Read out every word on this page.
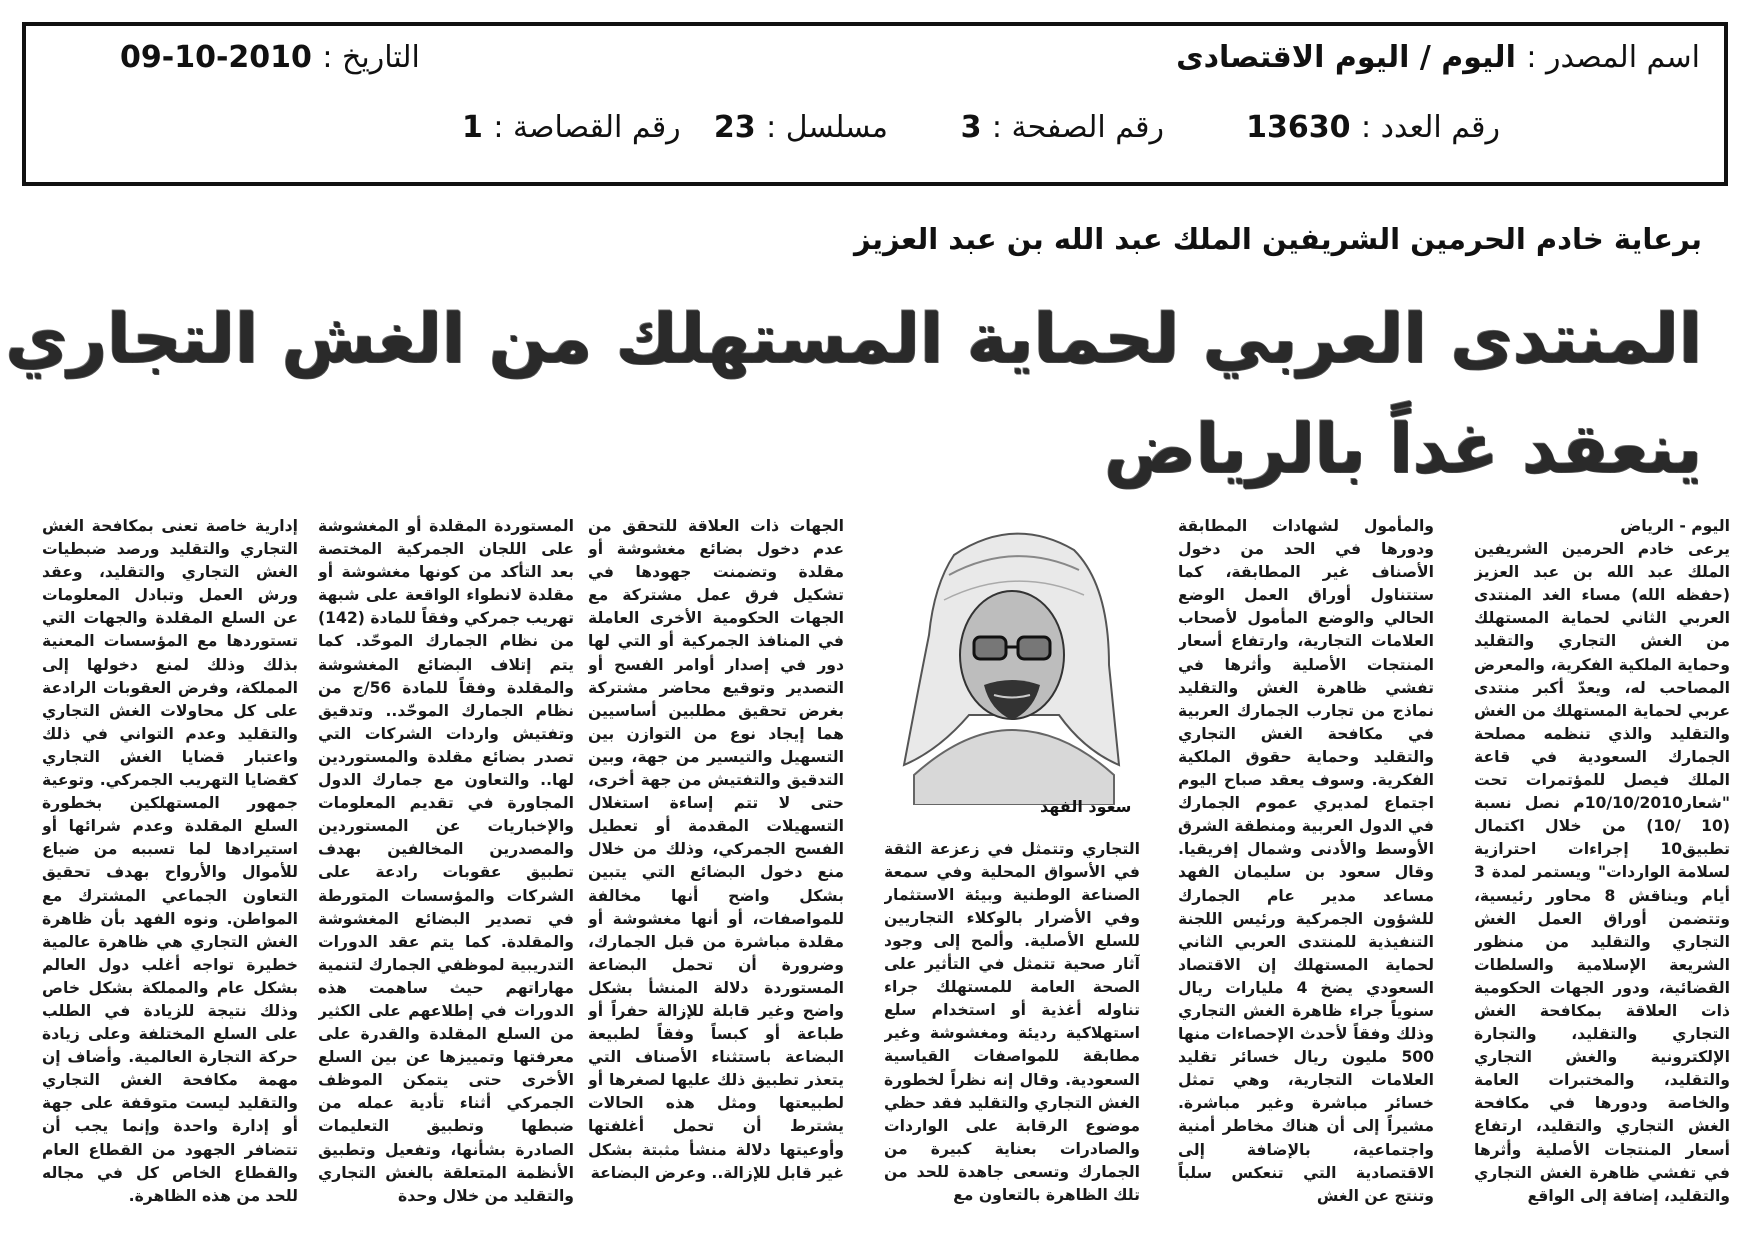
اسم المصدر : اليوم / اليوم الاقتصادى
التاريخ : 2010-10-09
رقم العدد : 13630
رقم الصفحة : 3
مسلسل : 23
رقم القصاصة : 1
برعاية خادم الحرمين الشريفين الملك عبد الله بن عبد العزيز
المنتدى العربي لحماية المستهلك من الغش التجاري
ينعقد غداً بالرياض

اليوم - الرياض

يرعى خادم الحرمين الشريفين الملك عبد الله بن عبد العزيز (حفظه الله) مساء الغد المنتدى العربي الثاني لحماية المستهلك من الغش التجاري والتقليد وحماية الملكية الفكرية، والمعرض المصاحب له، ويعدّ أكبر منتدى عربي لحماية المستهلك من الغش والتقليد والذي تنظمه مصلحة الجمارك السعودية في قاعة الملك فيصل للمؤتمرات تحت "شعار10/10/2010م نصل نسبة (10 /10) من خلال اكتمال تطبيق10 إجراءات احترازية لسلامة الواردات" ويستمر لمدة 3 أيام ويناقش 8 محاور رئيسية، وتتضمن أوراق العمل الغش التجاري والتقليد من منظور الشريعة الإسلامية والسلطات القضائية، ودور الجهات الحكومية ذات العلاقة بمكافحة الغش التجاري والتقليد، والتجارة الإلكترونية والغش التجاري والتقليد، والمختبرات العامة والخاصة ودورها في مكافحة الغش التجاري والتقليد، ارتفاع أسعار المنتجات الأصلية وأثرها في تفشي ظاهرة الغش التجاري والتقليد، إضافة إلى الواقع

والمأمول لشهادات المطابقة ودورها في الحد من دخول الأصناف غير المطابقة، كما ستتناول أوراق العمل الوضع الحالي والوضع المأمول لأصحاب العلامات التجارية، وارتفاع أسعار المنتجات الأصلية وأثرها في تفشي ظاهرة الغش والتقليد نماذج من تجارب الجمارك العربية في مكافحة الغش التجاري والتقليد وحماية حقوق الملكية الفكرية. وسوف يعقد صباح اليوم اجتماع لمديري عموم الجمارك في الدول العربية ومنطقة الشرق الأوسط والأدنى وشمال إفريقيا. وقال سعود بن سليمان الفهد مساعد مدير عام الجمارك للشؤون الجمركية ورئيس اللجنة التنفيذية للمنتدى العربي الثاني لحماية المستهلك إن الاقتصاد السعودي يضخ 4 مليارات ريال سنوياً جراء ظاهرة الغش التجاري وذلك وفقاً لأحدث الإحصاءات منها 500 مليون ريال خسائر تقليد العلامات التجارية، وهي تمثل خسائر مباشرة وغير مباشرة. مشيراً إلى أن هناك مخاطر أمنية واجتماعية، بالإضافة إلى الاقتصادية التي تنعكس سلباً وتنتج عن الغش

سعود الفهد

التجاري وتتمثل في زعزعة الثقة في الأسواق المحلية وفي سمعة الصناعة الوطنية وبيئة الاستثمار وفي الأضرار بالوكلاء التجاريين للسلع الأصلية. وألمح إلى وجود آثار صحية تتمثل في التأثير على الصحة العامة للمستهلك جراء تناوله أغذية أو استخدام سلع استهلاكية رديئة ومغشوشة وغير مطابقة للمواصفات القياسية السعودية. وقال إنه نظراً لخطورة الغش التجاري والتقليد فقد حظي موضوع الرقابة على الواردات والصادرات بعناية كبيرة من الجمارك وتسعى جاهدة للحد من تلك الظاهرة بالتعاون مع

الجهات ذات العلاقة للتحقق من عدم دخول بضائع مغشوشة أو مقلدة وتضمنت جهودها في تشكيل فرق عمل مشتركة مع الجهات الحكومية الأخرى العاملة في المنافذ الجمركية أو التي لها دور في إصدار أوامر الفسح أو التصدير وتوقيع محاضر مشتركة بغرض تحقيق مطلبين أساسيين هما إيجاد نوع من التوازن بين التسهيل والتيسير من جهة، وبين التدقيق والتفتيش من جهة أخرى، حتى لا تتم إساءة استغلال التسهيلات المقدمة أو تعطيل الفسح الجمركي، وذلك من خلال منع دخول البضائع التي يتبين بشكل واضح أنها مخالفة للمواصفات، أو أنها مغشوشة أو مقلدة مباشرة من قبل الجمارك، وضرورة أن تحمل البضاعة المستوردة دلالة المنشأ بشكل واضح وغير قابلة للإزالة حفراً أو طباعة أو كبساً وفقاً لطبيعة البضاعة باستثناء الأصناف التي يتعذر تطبيق ذلك عليها لصغرها أو لطبيعتها ومثل هذه الحالات يشترط أن تحمل أغلفتها وأوعيتها دلالة منشأ مثبتة بشكل غير قابل للإزالة.. وعرض البضاعة

المستوردة المقلدة أو المغشوشة على اللجان الجمركية المختصة بعد التأكد من كونها مغشوشة أو مقلدة لانطواء الواقعة على شبهة تهريب جمركي وفقاً للمادة (142) من نظام الجمارك الموحّد. كما يتم إتلاف البضائع المغشوشة والمقلدة وفقاً للمادة 56/ج من نظام الجمارك الموحّد.. وتدقيق وتفتيش واردات الشركات التي تصدر بضائع مقلدة والمستوردين لها.. والتعاون مع جمارك الدول المجاورة في تقديم المعلومات والإخباريات عن المستوردين والمصدرين المخالفين بهدف تطبيق عقوبات رادعة على الشركات والمؤسسات المتورطة في تصدير البضائع المغشوشة والمقلدة. كما يتم عقد الدورات التدريبية لموظفي الجمارك لتنمية مهاراتهم حيث ساهمت هذه الدورات في إطلاعهم على الكثير من السلع المقلدة والقدرة على معرفتها وتمييزها عن بين السلع الأخرى حتى يتمكن الموظف الجمركي أثناء تأدية عمله من ضبطها وتطبيق التعليمات الصادرة بشأنها، وتفعيل وتطبيق الأنظمة المتعلقة بالغش التجاري والتقليد من خلال وحدة

إدارية خاصة تعنى بمكافحة الغش التجاري والتقليد ورصد ضبطيات الغش التجاري والتقليد، وعقد ورش العمل وتبادل المعلومات عن السلع المقلدة والجهات التي تستوردها مع المؤسسات المعنية بذلك وذلك لمنع دخولها إلى المملكة، وفرض العقوبات الرادعة على كل محاولات الغش التجاري والتقليد وعدم التواني في ذلك واعتبار قضايا الغش التجاري كقضايا التهريب الجمركي. وتوعية جمهور المستهلكين بخطورة السلع المقلدة وعدم شرائها أو استيرادها لما تسببه من ضياع للأموال والأرواح بهدف تحقيق التعاون الجماعي المشترك مع المواطن. ونوه الفهد بأن ظاهرة الغش التجاري هي ظاهرة عالمية خطيرة تواجه أغلب دول العالم بشكل عام والمملكة بشكل خاص وذلك نتيجة للزيادة في الطلب على السلع المختلفة وعلى زيادة حركة التجارة العالمية. وأضاف إن مهمة مكافحة الغش التجاري والتقليد ليست متوقفة على جهة أو إدارة واحدة وإنما يجب أن تتضافر الجهود من القطاع العام والقطاع الخاص كل في مجاله للحد من هذه الظاهرة.
